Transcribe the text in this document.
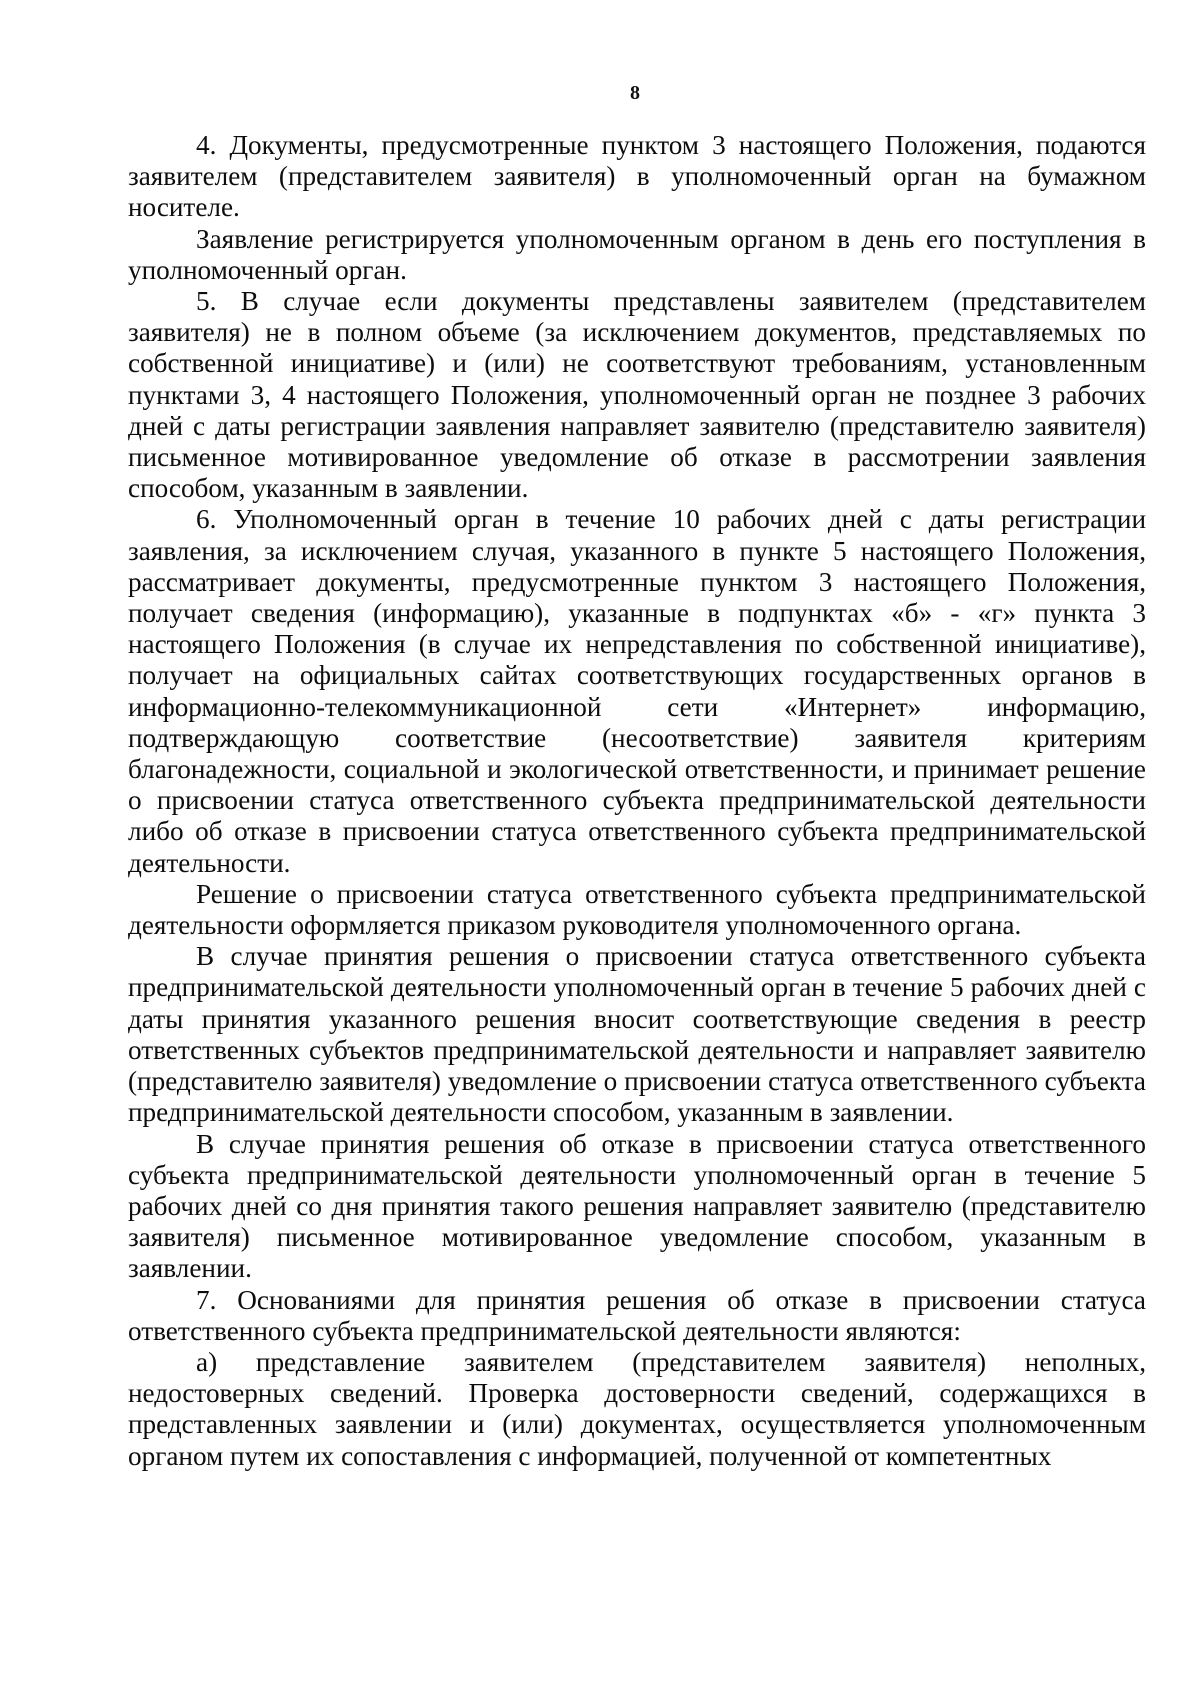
8

4. Документы, предусмотренные пунктом 3 настоящего Положения, подаются заявителем (представителем заявителя) в уполномоченный орган на бумажном носителе.

Заявление регистрируется уполномоченным органом в день его поступления в уполномоченный орган.

5. В случае если документы представлены заявителем (представителем заявителя) не в полном объеме (за исключением документов, представляемых по собственной инициативе) и (или) не соответствуют требованиям, установленным пунктами 3, 4 настоящего Положения, уполномоченный орган не позднее 3 рабочих дней с даты регистрации заявления направляет заявителю (представителю заявителя) письменное мотивированное уведомление об отказе в рассмотрении заявления способом, указанным в заявлении.

6. Уполномоченный орган в течение 10 рабочих дней с даты регистрации заявления, за исключением случая, указанного в пункте 5 настоящего Положения, рассматривает документы, предусмотренные пунктом 3 настоящего Положения, получает сведения (информацию), указанные в подпунктах «б» - «г» пункта 3 настоящего Положения (в случае их непредставления по собственной инициативе), получает на официальных сайтах соответствующих государственных органов в информационно-телекоммуникационной сети «Интернет» информацию, подтверждающую соответствие (несоответствие) заявителя критериям благонадежности, социальной и экологической ответственности, и принимает решение о присвоении статуса ответственного субъекта предпринимательской деятельности либо об отказе в присвоении статуса ответственного субъекта предпринимательской деятельности.

Решение о присвоении статуса ответственного субъекта предпринимательской деятельности оформляется приказом руководителя уполномоченного органа.

В случае принятия решения о присвоении статуса ответственного субъекта предпринимательской деятельности уполномоченный орган в течение 5 рабочих дней с даты принятия указанного решения вносит соответствующие сведения в реестр ответственных субъектов предпринимательской деятельности и направляет заявителю (представителю заявителя) уведомление о присвоении статуса ответственного субъекта предпринимательской деятельности способом, указанным в заявлении.

В случае принятия решения об отказе в присвоении статуса ответственного субъекта предпринимательской деятельности уполномоченный орган в течение 5 рабочих дней со дня принятия такого решения направляет заявителю (представителю заявителя) письменное мотивированное уведомление способом, указанным в заявлении.

7. Основаниями для принятия решения об отказе в присвоении статуса ответственного субъекта предпринимательской деятельности являются:

а) представление заявителем (представителем заявителя) неполных, недостоверных сведений. Проверка достоверности сведений, содержащихся в представленных заявлении и (или) документах, осуществляется уполномоченным органом путем их сопоставления с информацией, полученной от компетентных
